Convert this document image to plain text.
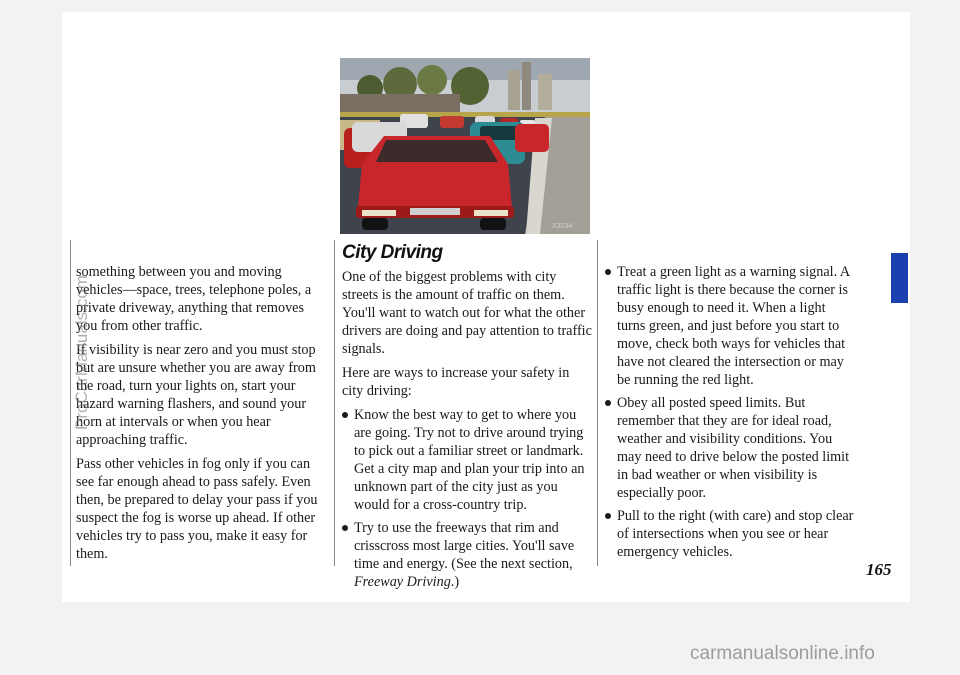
something between you and moving vehicles—space, trees, telephone poles, a private driveway, anything that removes you from other traffic.

If visibility is near zero and you must stop but are unsure whether you are away from the road, turn your lights on, start your hazard warning flashers, and sound your horn at intervals or when you hear approaching traffic.

Pass other vehicles in fog only if you can see far enough ahead to pass safely. Even then, be prepared to delay your pass if you suspect the fog is worse up ahead. If other vehicles try to pass you, make it easy for them.

X3034
City Driving

One of the biggest problems with city streets is the amount of traffic on them. You'll want to watch out for what the other drivers are doing and pay attention to traffic signals.

Here are ways to increase your safety in city driving:

Know the best way to get to where you are going. Try not to drive around trying to pick out a familiar street or landmark. Get a city map and plan your trip into an unknown part of the city just as you would for a cross-country trip.
Try to use the freeways that rim and crisscross most large cities. You'll save time and energy. (See the next section, Freeway Driving.)
Treat a green light as a warning signal. A traffic light is there because the corner is busy enough to need it. When a light turns green, and just before you start to move, check both ways for vehicles that have not cleared the intersection or may be running the red light.
Obey all posted speed limits. But remember that they are for ideal road, weather and visibility conditions. You may need to drive below the posted limit in bad weather or when visibility is especially poor.
Pull to the right (with care) and stop clear of intersections when you see or hear emergency vehicles.
165
ProCarManuals.com
carmanualsonline.info
